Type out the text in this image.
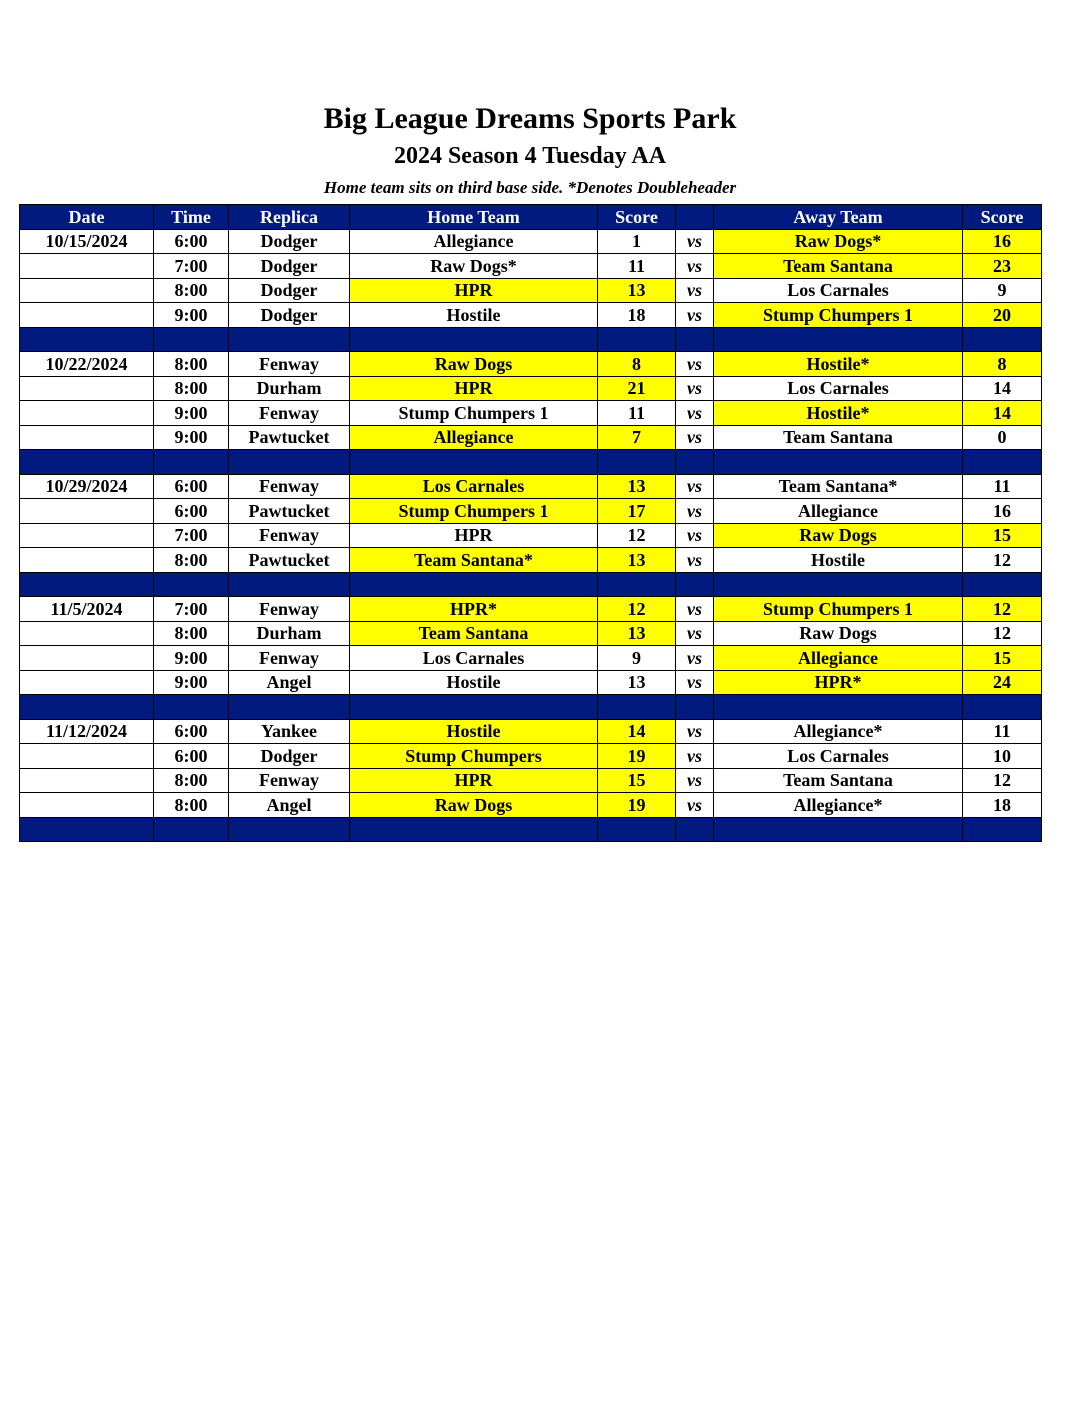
Big League Dreams Sports Park
2024 Season 4 Tuesday AA
Home team sits on third base side. *Denotes Doubleheader
Date	Time	Replica	Home Team	Score		Away Team	Score
10/15/2024	6:00	Dodger	Allegiance	1	vs	Raw Dogs*	16
	7:00	Dodger	Raw Dogs*	11	vs	Team Santana	23
	8:00	Dodger	HPR	13	vs	Los Carnales	9
	9:00	Dodger	Hostile	18	vs	Stump Chumpers 1	20

10/22/2024	8:00	Fenway	Raw Dogs	8	vs	Hostile*	8
	8:00	Durham	HPR	21	vs	Los Carnales	14
	9:00	Fenway	Stump Chumpers 1	11	vs	Hostile*	14
	9:00	Pawtucket	Allegiance	7	vs	Team Santana	0

10/29/2024	6:00	Fenway	Los Carnales	13	vs	Team Santana*	11
	6:00	Pawtucket	Stump Chumpers 1	17	vs	Allegiance	16
	7:00	Fenway	HPR	12	vs	Raw Dogs	15
	8:00	Pawtucket	Team Santana*	13	vs	Hostile	12

11/5/2024	7:00	Fenway	HPR*	12	vs	Stump Chumpers 1	12
	8:00	Durham	Team Santana	13	vs	Raw Dogs	12
	9:00	Fenway	Los Carnales	9	vs	Allegiance	15
	9:00	Angel	Hostile	13	vs	HPR*	24

11/12/2024	6:00	Yankee	Hostile	14	vs	Allegiance*	11
	6:00	Dodger	Stump Chumpers	19	vs	Los Carnales	10
	8:00	Fenway	HPR	15	vs	Team Santana	12
	8:00	Angel	Raw Dogs	19	vs	Allegiance*	18
